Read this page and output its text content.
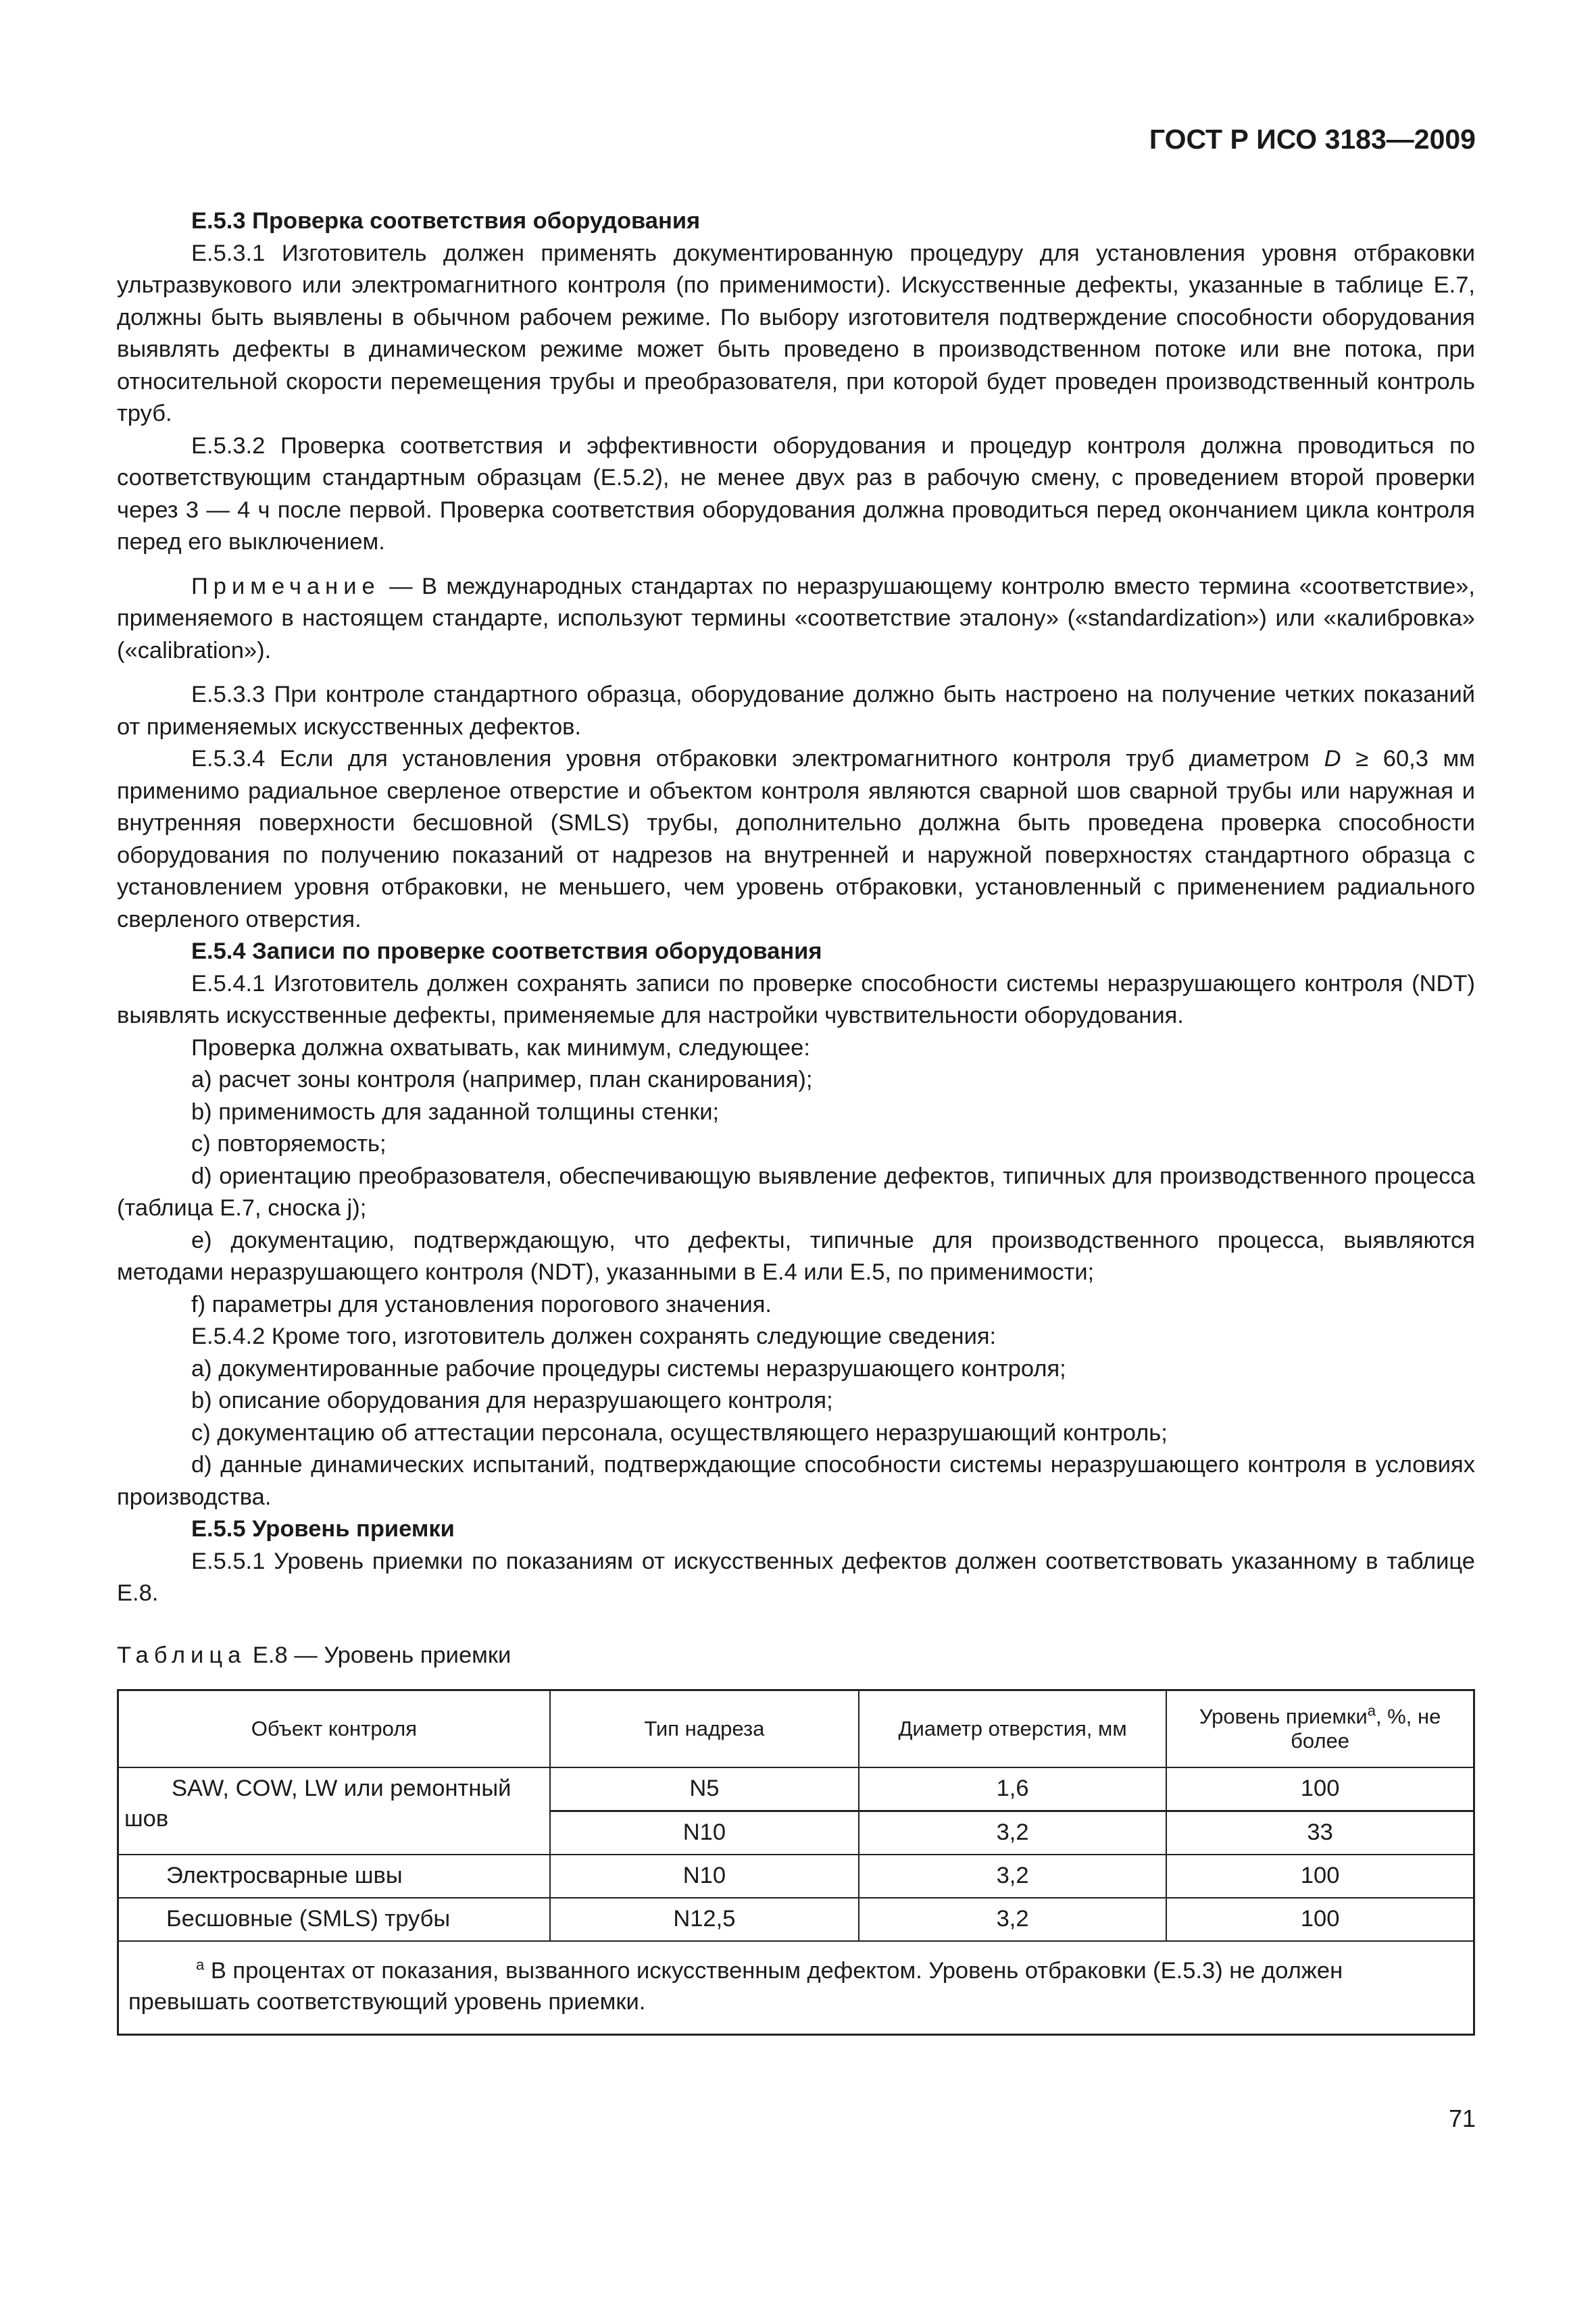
ГОСТ Р ИСО 3183—2009

Е.5.3 Проверка соответствия оборудования

Е.5.3.1 Изготовитель должен применять документированную процедуру для установления уровня отбраковки ультразвукового или электромагнитного контроля (по применимости). Искусственные дефекты, указанные в таблице Е.7, должны быть выявлены в обычном рабочем режиме. По выбору изготовителя подтверждение способности оборудования выявлять дефекты в динамическом режиме может быть проведено в производственном потоке или вне потока, при относительной скорости перемещения трубы и преобразователя, при которой будет проведен производственный контроль труб.

Е.5.3.2 Проверка соответствия и эффективности оборудования и процедур контроля должна проводиться по соответствующим стандартным образцам (Е.5.2), не менее двух раз в рабочую смену, с проведением второй проверки через 3 — 4 ч после первой. Проверка соответствия оборудования должна проводиться перед окончанием цикла контроля перед его выключением.

Примечание — В международных стандартах по неразрушающему контролю вместо термина «соответствие», применяемого в настоящем стандарте, используют термины «соответствие эталону» («standardization») или «калибровка» («calibration»).

Е.5.3.3 При контроле стандартного образца, оборудование должно быть настроено на получение четких показаний от применяемых искусственных дефектов.

Е.5.3.4 Если для установления уровня отбраковки электромагнитного контроля труб диаметром D ≥ 60,3 мм применимо радиальное сверленое отверстие и объектом контроля являются сварной шов сварной трубы или наружная и внутренняя поверхности бесшовной (SMLS) трубы, дополнительно должна быть проведена проверка способности оборудования по получению показаний от надрезов на внутренней и наружной поверхностях стандартного образца с установлением уровня отбраковки, не меньшего, чем уровень отбраковки, установленный с применением радиального сверленого отверстия.

Е.5.4 Записи по проверке соответствия оборудования

Е.5.4.1 Изготовитель должен сохранять записи по проверке способности системы неразрушающего контроля (NDT) выявлять искусственные дефекты, применяемые для настройки чувствительности оборудования.

Проверка должна охватывать, как минимум, следующее:

a) расчет зоны контроля (например, план сканирования);

b) применимость для заданной толщины стенки;

c) повторяемость;

d) ориентацию преобразователя, обеспечивающую выявление дефектов, типичных для производственного процесса (таблица Е.7, сноска j);

e) документацию, подтверждающую, что дефекты, типичные для производственного процесса, выявляются методами неразрушающего контроля (NDT), указанными в Е.4 или Е.5, по применимости;

f) параметры для установления порогового значения.

Е.5.4.2 Кроме того, изготовитель должен сохранять следующие сведения:

a) документированные рабочие процедуры системы неразрушающего контроля;

b) описание оборудования для неразрушающего контроля;

c) документацию об аттестации персонала, осуществляющего неразрушающий контроль;

d) данные динамических испытаний, подтверждающие способности системы неразрушающего контроля в условиях производства.

Е.5.5 Уровень приемки

Е.5.5.1 Уровень приемки по показаниям от искусственных дефектов должен соответствовать указанному в таблице Е.8.

Таблица Е.8 — Уровень приемки
Объект контроля	Тип надреза	Диаметр отверстия, мм	Уровень приемки$^а$, %, не более

SAW, COW, LW или ремонтный шов	N5	1,6	100
	N10	3,2	33
Электросварные швы	N10	3,2	100
Бесшовные (SMLS) трубы	N12,5	3,2	100
$^а$ В процентах от показания, вызванного искусственным дефектом. Уровень отбраковки (Е.5.3) не должен превышать соответствующий уровень приемки.			
71
